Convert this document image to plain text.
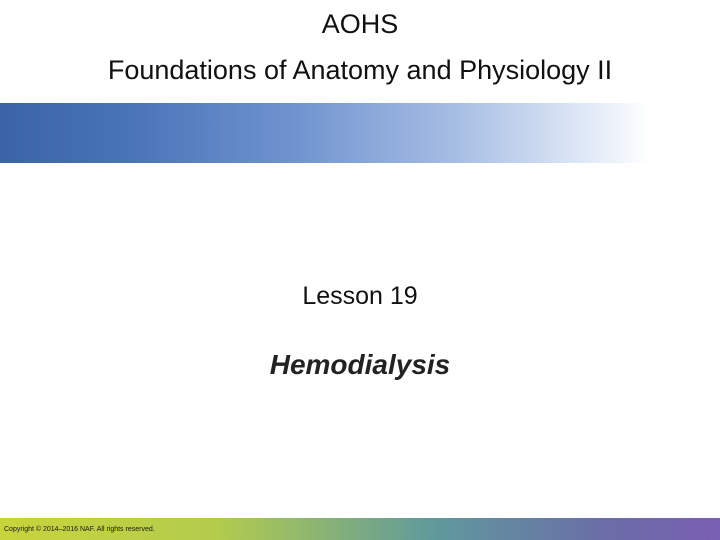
AOHS
Foundations of Anatomy and Physiology II
Lesson 19
Hemodialysis
Copyright © 2014–2016 NAF. All rights reserved.
